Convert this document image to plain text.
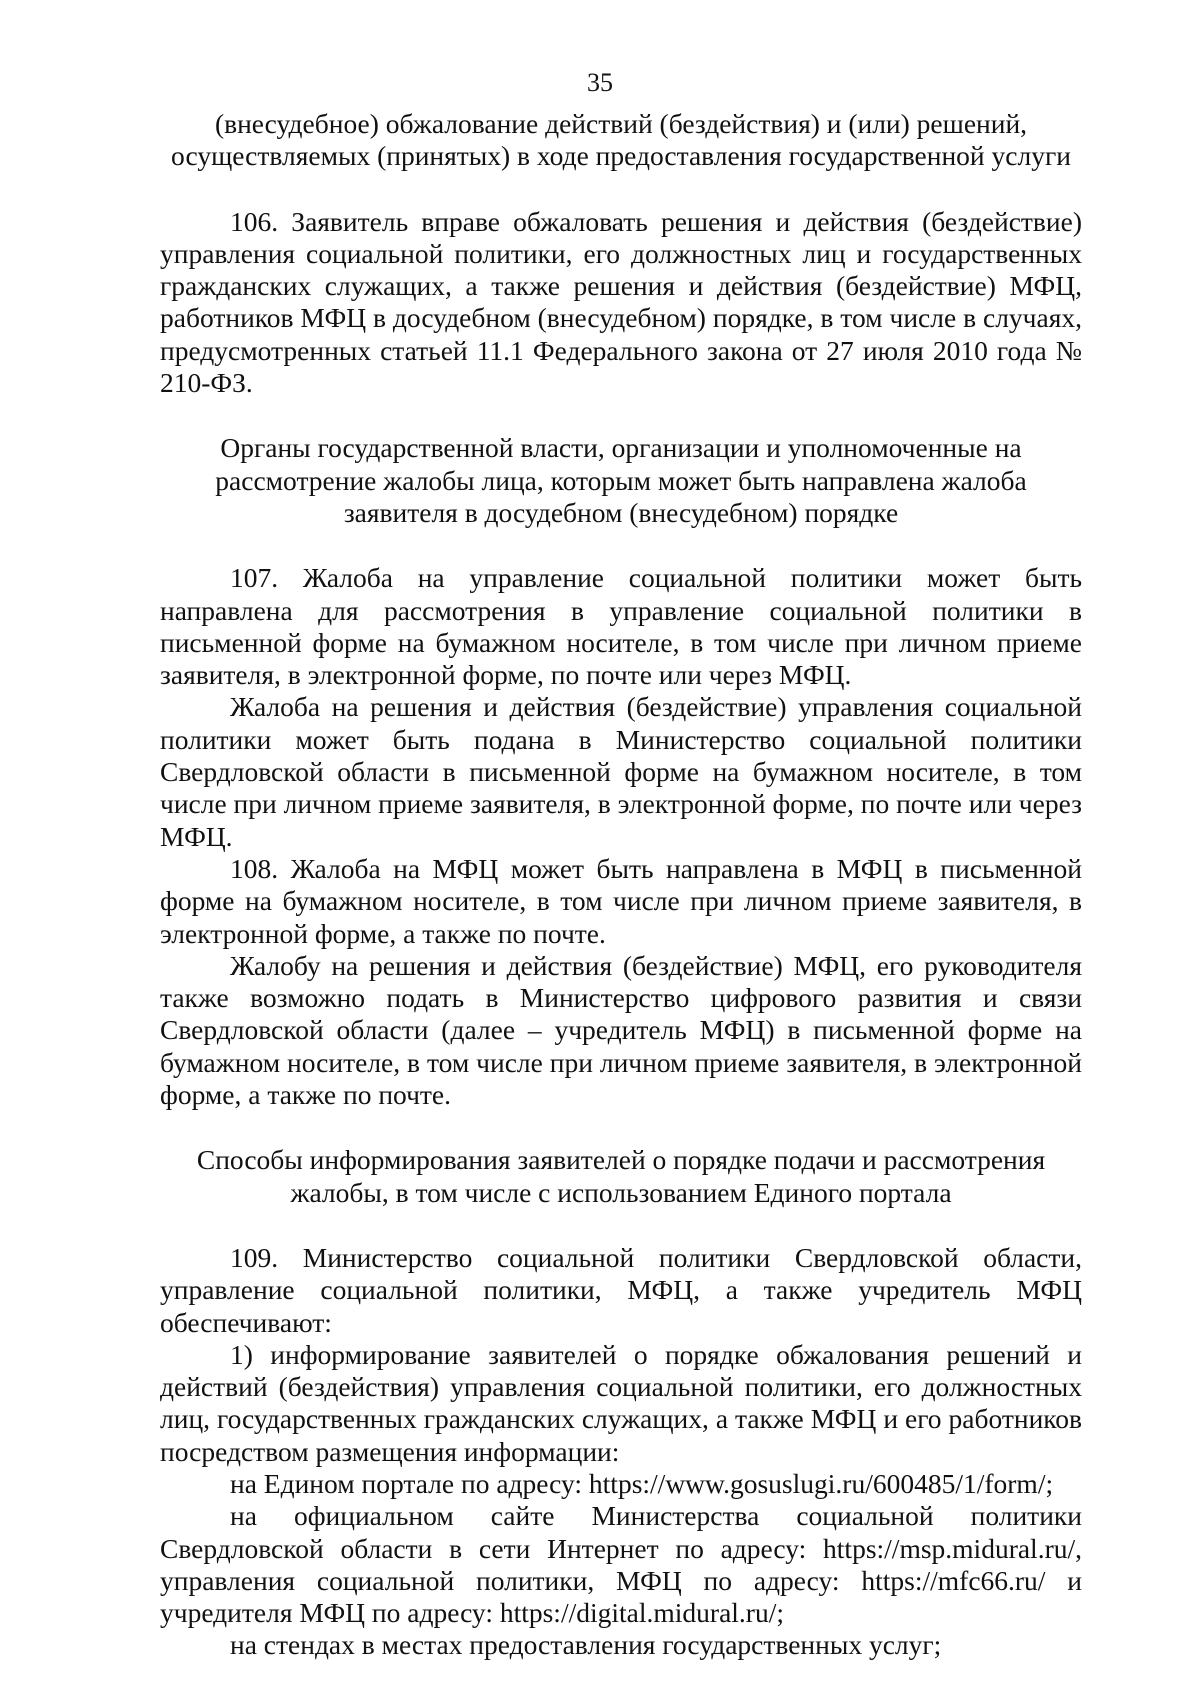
35

(внесудебное) обжалование действий (бездействия) и (или) решений, осуществляемых (принятых) в ходе предоставления государственной услуги

106. Заявитель вправе обжаловать решения и действия (бездействие) управления социальной политики, его должностных лиц и государственных гражданских служащих, а также решения и действия (бездействие) МФЦ, работников МФЦ в досудебном (внесудебном) порядке, в том числе в случаях, предусмотренных статьей 11.1 Федерального закона от 27 июля 2010 года № 210-ФЗ.

Органы государственной власти, организации и уполномоченные на рассмотрение жалобы лица, которым может быть направлена жалоба заявителя в досудебном (внесудебном) порядке

107. Жалоба на управление социальной политики может быть направлена для рассмотрения в управление социальной политики в письменной форме на бумажном носителе, в том числе при личном приеме заявителя, в электронной форме, по почте или через МФЦ.

Жалоба на решения и действия (бездействие) управления социальной политики может быть подана в Министерство социальной политики Свердловской области в письменной форме на бумажном носителе, в том числе при личном приеме заявителя, в электронной форме, по почте или через МФЦ.

108. Жалоба на МФЦ может быть направлена в МФЦ в письменной форме на бумажном носителе, в том числе при личном приеме заявителя, в электронной форме, а также по почте.

Жалобу на решения и действия (бездействие) МФЦ, его руководителя также возможно подать в Министерство цифрового развития и связи Свердловской области (далее – учредитель МФЦ) в письменной форме на бумажном носителе, в том числе при личном приеме заявителя, в электронной форме, а также по почте.

Способы информирования заявителей о порядке подачи и рассмотрения жалобы, в том числе с использованием Единого портала

109. Министерство социальной политики Свердловской области, управление социальной политики, МФЦ, а также учредитель МФЦ обеспечивают:

1) информирование заявителей о порядке обжалования решений и действий (бездействия) управления социальной политики, его должностных лиц, государственных гражданских служащих, а также МФЦ и его работников посредством размещения информации:

на Едином портале по адресу: https://www.gosuslugi.ru/600485/1/form/;

на официальном сайте Министерства социальной политики Свердловской области в сети Интернет по адресу: https://msp.midural.ru/, управления социальной политики, МФЦ по адресу: https://mfc66.ru/ и учредителя МФЦ по адресу: https://digital.midural.ru/;

на стендах в местах предоставления государственных услуг;
